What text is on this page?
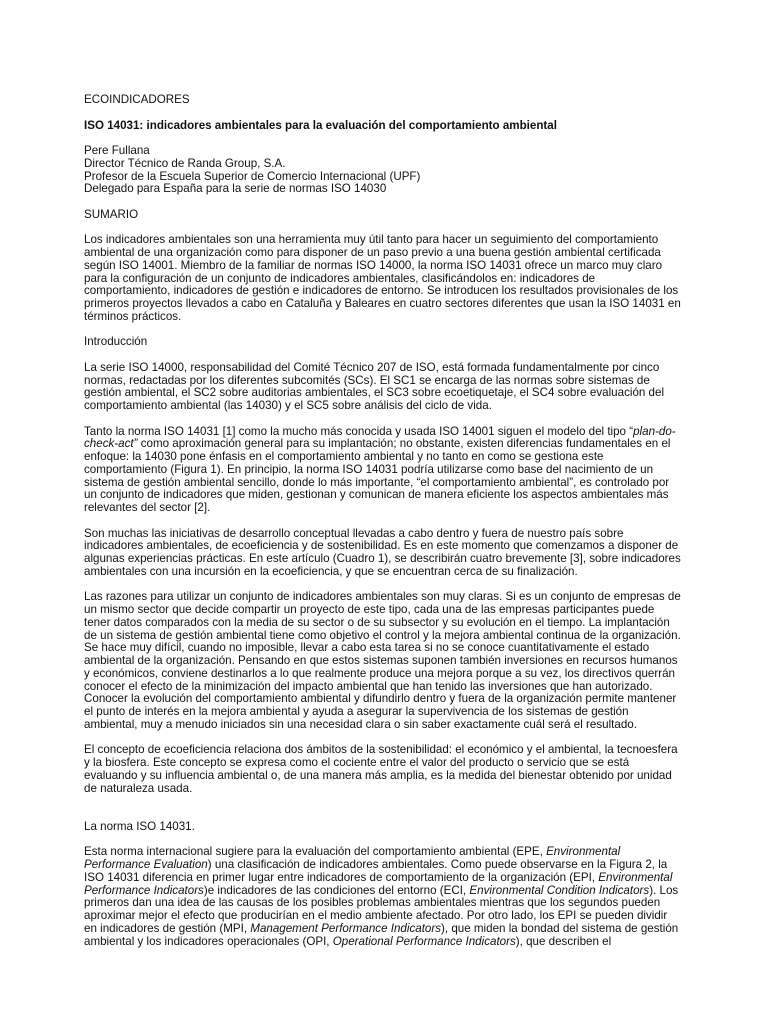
ECOINDICADORES

ISO 14031: indicadores ambientales para la evaluación del comportamiento ambiental

Pere Fullana

Director Técnico de Randa Group, S.A.

Profesor de la Escuela Superior de Comercio Internacional (UPF)

Delegado para España para la serie de normas ISO 14030

SUMARIO

Los indicadores ambientales son una herramienta muy útil tanto para hacer un seguimiento del comportamiento

ambiental de una organización como para disponer de un paso previo a una buena gestión ambiental certificada

según ISO 14001. Miembro de la familiar de normas ISO 14000, la norma ISO 14031 ofrece un marco muy claro

para la configuración de un conjunto de indicadores ambientales, clasificándolos en: indicadores de

comportamiento, indicadores de gestión e indicadores de entorno. Se introducen los resultados provisionales de los

primeros proyectos llevados a cabo en Cataluña y Baleares en cuatro sectores diferentes que usan la ISO 14031 en

términos prácticos.

Introducción

La serie ISO 14000, responsabilidad del Comité Técnico 207 de ISO, está formada fundamentalmente por cinco

normas, redactadas por los diferentes subcomités (SCs). El SC1 se encarga de las normas sobre sistemas de

gestión ambiental, el SC2 sobre auditorias ambientales, el SC3 sobre ecoetiquetaje, el SC4 sobre evaluación del

comportamiento ambiental (las 14030) y el SC5 sobre análisis del ciclo de vida.

Tanto la norma ISO 14031 [1] como la mucho más conocida y usada ISO 14001 siguen el modelo del tipo “plan-do-

check-act” como aproximación general para su implantación; no obstante, existen diferencias fundamentales en el

enfoque: la 14030 pone énfasis en el comportamiento ambiental y no tanto en como se gestiona este

comportamiento (Figura 1). En principio, la norma ISO 14031 podría utilizarse como base del nacimiento de un

sistema de gestión ambiental sencillo, donde lo más importante, “el comportamiento ambiental”, es controlado por

un conjunto de indicadores que miden, gestionan y comunican de manera eficiente los aspectos ambientales más

relevantes del sector [2].

Son muchas las iniciativas de desarrollo conceptual llevadas a cabo dentro y fuera de nuestro país sobre

indicadores ambientales, de ecoeficiencia y de sostenibilidad. Es en este momento que comenzamos a disponer de

algunas experiencias prácticas. En este artículo (Cuadro 1), se describirán cuatro brevemente [3], sobre indicadores

ambientales con una incursión en la ecoeficiencia, y que se encuentran cerca de su finalización.

Las razones para utilizar un conjunto de indicadores ambientales son muy claras. Si es un conjunto de empresas de

un mismo sector que decide compartir un proyecto de este tipo, cada una de las empresas participantes puede

tener datos comparados con la media de su sector o de su subsector y su evolución en el tiempo. La implantación

de un sistema de gestión ambiental tiene como objetivo el control y la mejora ambiental continua de la organización.

Se hace muy difícil, cuando no imposible, llevar a cabo esta tarea si no se conoce cuantitativamente el estado

ambiental de la organización. Pensando en que estos sistemas suponen también inversiones en recursos humanos

y económicos, conviene destinarlos a lo que realmente produce una mejora porque a su vez, los directivos querrán

conocer el efecto de la minimización del impacto ambiental que han tenido las inversiones que han autorizado.

Conocer la evolución del comportamiento ambiental y difundirlo dentro y fuera de la organización permite mantener

el punto de interés en la mejora ambiental y ayuda a asegurar la supervivencia de los sistemas de gestión

ambiental, muy a menudo iniciados sin una necesidad clara o sin saber exactamente cuál será el resultado.

El concepto de ecoeficiencia relaciona dos ámbitos de la sostenibilidad: el económico y el ambiental, la tecnoesfera

y la biosfera. Este concepto se expresa como el cociente entre el valor del producto o servicio que se está

evaluando y su influencia ambiental o, de una manera más amplia, es la medida del bienestar obtenido por unidad

de naturaleza usada.

La norma ISO 14031.

Esta norma internacional sugiere para la evaluación del comportamiento ambiental (EPE, Environmental

Performance Evaluation) una clasificación de indicadores ambientales. Como puede observarse en la Figura 2, la

ISO 14031 diferencia en primer lugar entre indicadores de comportamiento de la organización (EPI, Environmental

Performance Indicators)e indicadores de las condiciones del entorno (ECI, Environmental Condition Indicators). Los

primeros dan una idea de las causas de los posibles problemas ambientales mientras que los segundos pueden

aproximar mejor el efecto que producirían en el medio ambiente afectado. Por otro lado, los EPI se pueden dividir

en indicadores de gestión (MPI, Management Performance Indicators), que miden la bondad del sistema de gestión

ambiental y los indicadores operacionales (OPI, Operational Performance Indicators), que describen el
